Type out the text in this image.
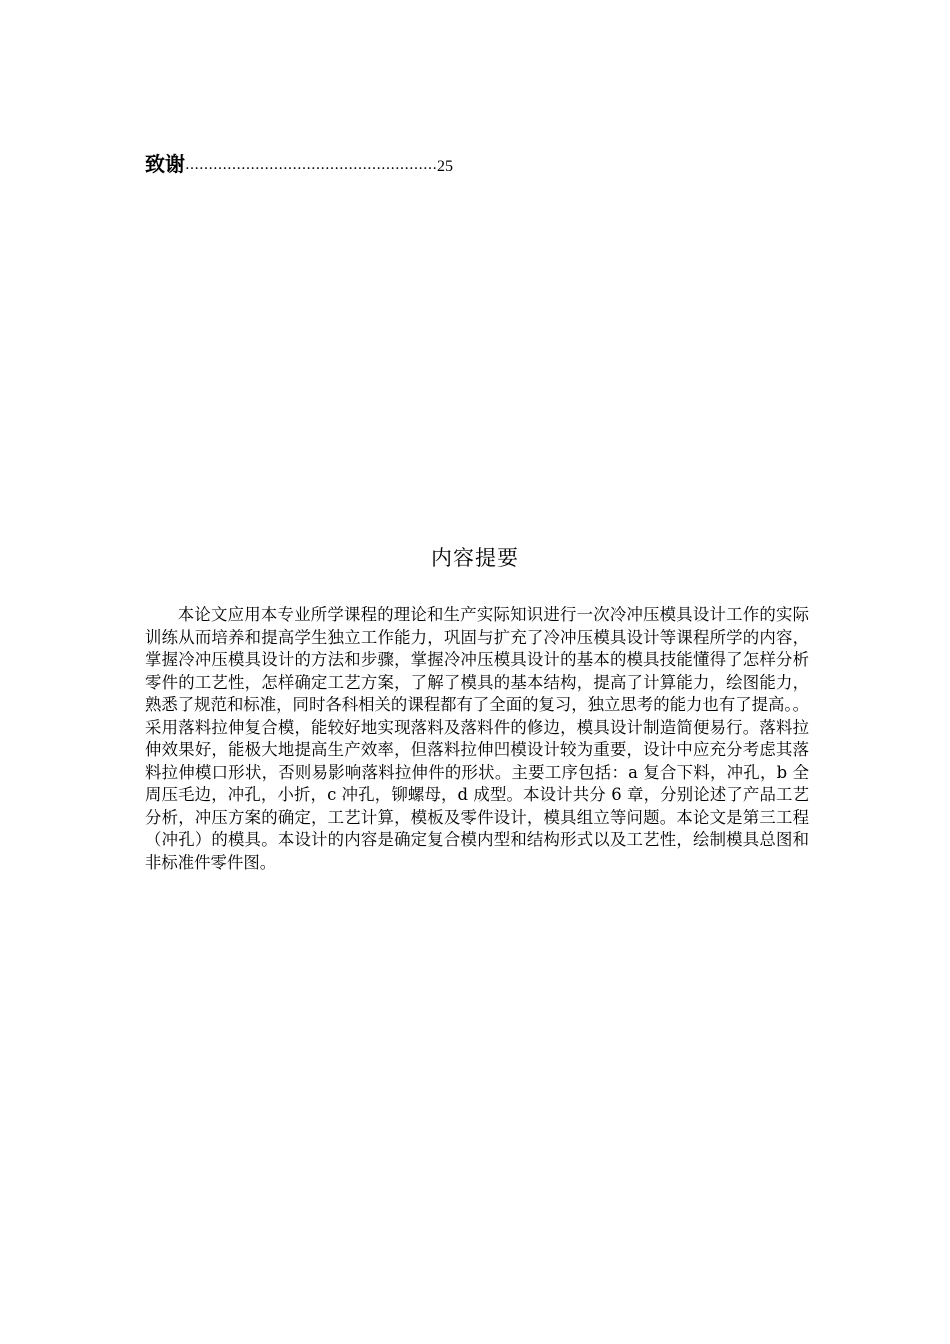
致谢………………………………………………25
内容提要

本论文应用本专业所学课程的理论和生产实际知识进行一次冷冲压模具设计工作的实际训练从而培养和提高学生独立工作能力，巩固与扩充了冷冲压模具设计等课程所学的内容，掌握冷冲压模具设计的方法和步骤，掌握冷冲压模具设计的基本的模具技能懂得了怎样分析零件的工艺性，怎样确定工艺方案，了解了模具的基本结构，提高了计算能力，绘图能力，熟悉了规范和标准，同时各科相关的课程都有了全面的复习，独立思考的能力也有了提高。。采用落料拉伸复合模，能较好地实现落料及落料件的修边，模具设计制造简便易行。落料拉伸效果好，能极大地提高生产效率，但落料拉伸凹模设计较为重要，设计中应充分考虑其落料拉伸模口形状，否则易影响落料拉伸件的形状。主要工序包括：a 复合下料，冲孔，b 全周压毛边，冲孔，小折，c 冲孔，铆螺母，d 成型。本设计共分 6 章，分别论述了产品工艺分析，冲压方案的确定，工艺计算，模板及零件设计，模具组立等问题。本论文是第三工程（冲孔）的模具。本设计的内容是确定复合模内型和结构形式以及工艺性，绘制模具总图和非标准件零件图。
